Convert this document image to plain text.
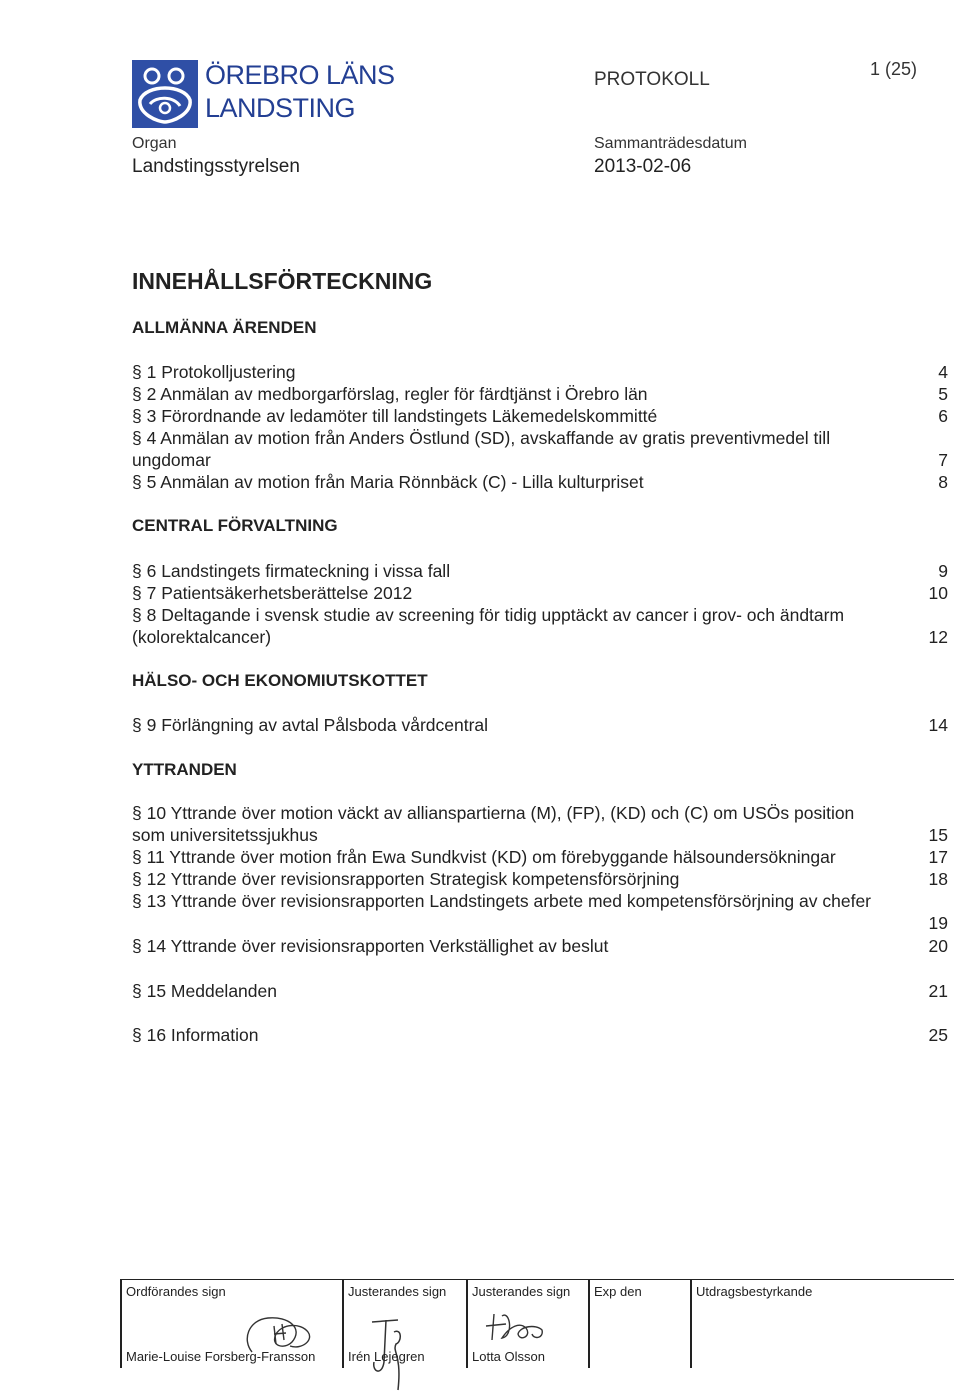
ÖREBRO LÄNS
LANDSTING
Organ
Landstingsstyrelsen
PROTOKOLL
Sammanträdesdatum
2013-02-06
1 (25)
INNEHÅLLSFÖRTECKNING
ALLMÄNNA ÄRENDEN
§ 1 Protokolljustering	4
§ 2 Anmälan av medborgarförslag, regler för färdtjänst i Örebro län	5
§ 3 Förordnande av ledamöter till landstingets Läkemedelskommitté	6
§ 4 Anmälan av motion från Anders Östlund (SD), avskaffande av gratis preventivmedel till
ungdomar	7
§ 5 Anmälan av motion från Maria Rönnbäck (C) - Lilla kulturpriset	8
CENTRAL FÖRVALTNING
§ 6 Landstingets firmateckning i vissa fall	9
§ 7 Patientsäkerhetsberättelse 2012	10
§ 8 Deltagande i svensk studie av screening för tidig upptäckt av cancer i grov- och ändtarm
(kolorektalcancer)	12
HÄLSO- OCH EKONOMIUTSKOTTET
§ 9 Förlängning av avtal Pålsboda vårdcentral	14
YTTRANDEN
§ 10 Yttrande över motion väckt av allianspartierna (M), (FP), (KD) och (C) om USÖs position
som universitetssjukhus	15
§ 11 Yttrande över motion från Ewa Sundkvist (KD) om förebyggande hälsoundersökningar	17
§ 12 Yttrande över revisionsrapporten Strategisk kompetensförsörjning	18
§ 13 Yttrande över revisionsrapporten Landstingets arbete med kompetensförsörjning av chefer
19
§ 14 Yttrande över revisionsrapporten Verkställighet av beslut	20
§ 15 Meddelanden	21
§ 16 Information	25
Ordförandes sign
Marie-Louise Forsberg-Fransson
Justerandes sign
Irén Lejegren
Justerandes sign
Lotta Olsson
Exp den	Utdragsbestyrkande
